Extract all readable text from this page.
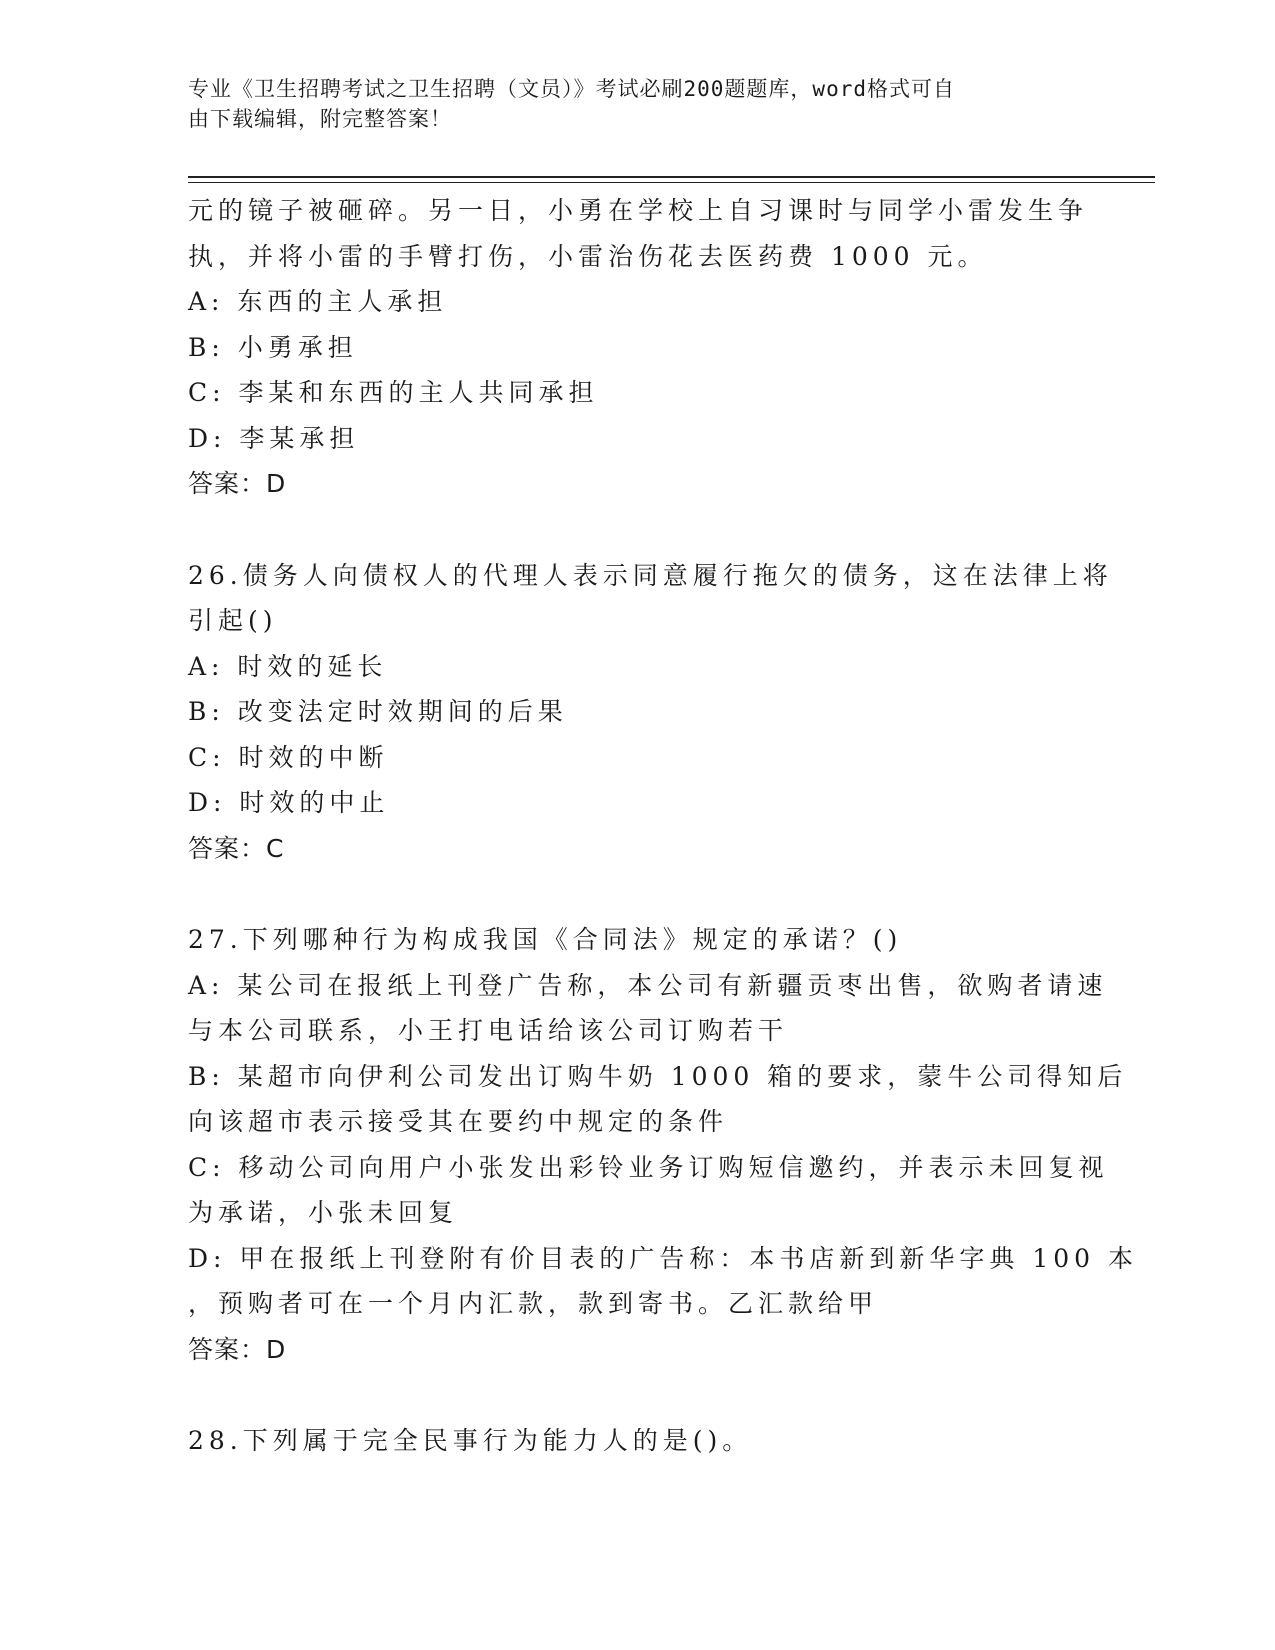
专业《卫生招聘考试之卫生招聘（文员）》考试必刷200题题库，word格式可自
由下载编辑，附完整答案！
元的镜子被砸碎。另一日，小勇在学校上自习课时与同学小雷发生争
执，并将小雷的手臂打伤，小雷治伤花去医药费 1000 元。
A: 东西的主人承担
B: 小勇承担
C: 李某和东西的主人共同承担
D: 李某承担
答案：D
26.债务人向债权人的代理人表示同意履行拖欠的债务，这在法律上将
引起()
A: 时效的延长
B: 改变法定时效期间的后果
C: 时效的中断
D: 时效的中止
答案：C
27.下列哪种行为构成我国《合同法》规定的承诺？()
A: 某公司在报纸上刊登广告称，本公司有新疆贡枣出售，欲购者请速
与本公司联系，小王打电话给该公司订购若干
B: 某超市向伊利公司发出订购牛奶 1000 箱的要求，蒙牛公司得知后
向该超市表示接受其在要约中规定的条件
C: 移动公司向用户小张发出彩铃业务订购短信邀约，并表示未回复视
为承诺，小张未回复
D: 甲在报纸上刊登附有价目表的广告称：本书店新到新华字典 100 本
，预购者可在一个月内汇款，款到寄书。乙汇款给甲
答案：D
28.下列属于完全民事行为能力人的是()。
